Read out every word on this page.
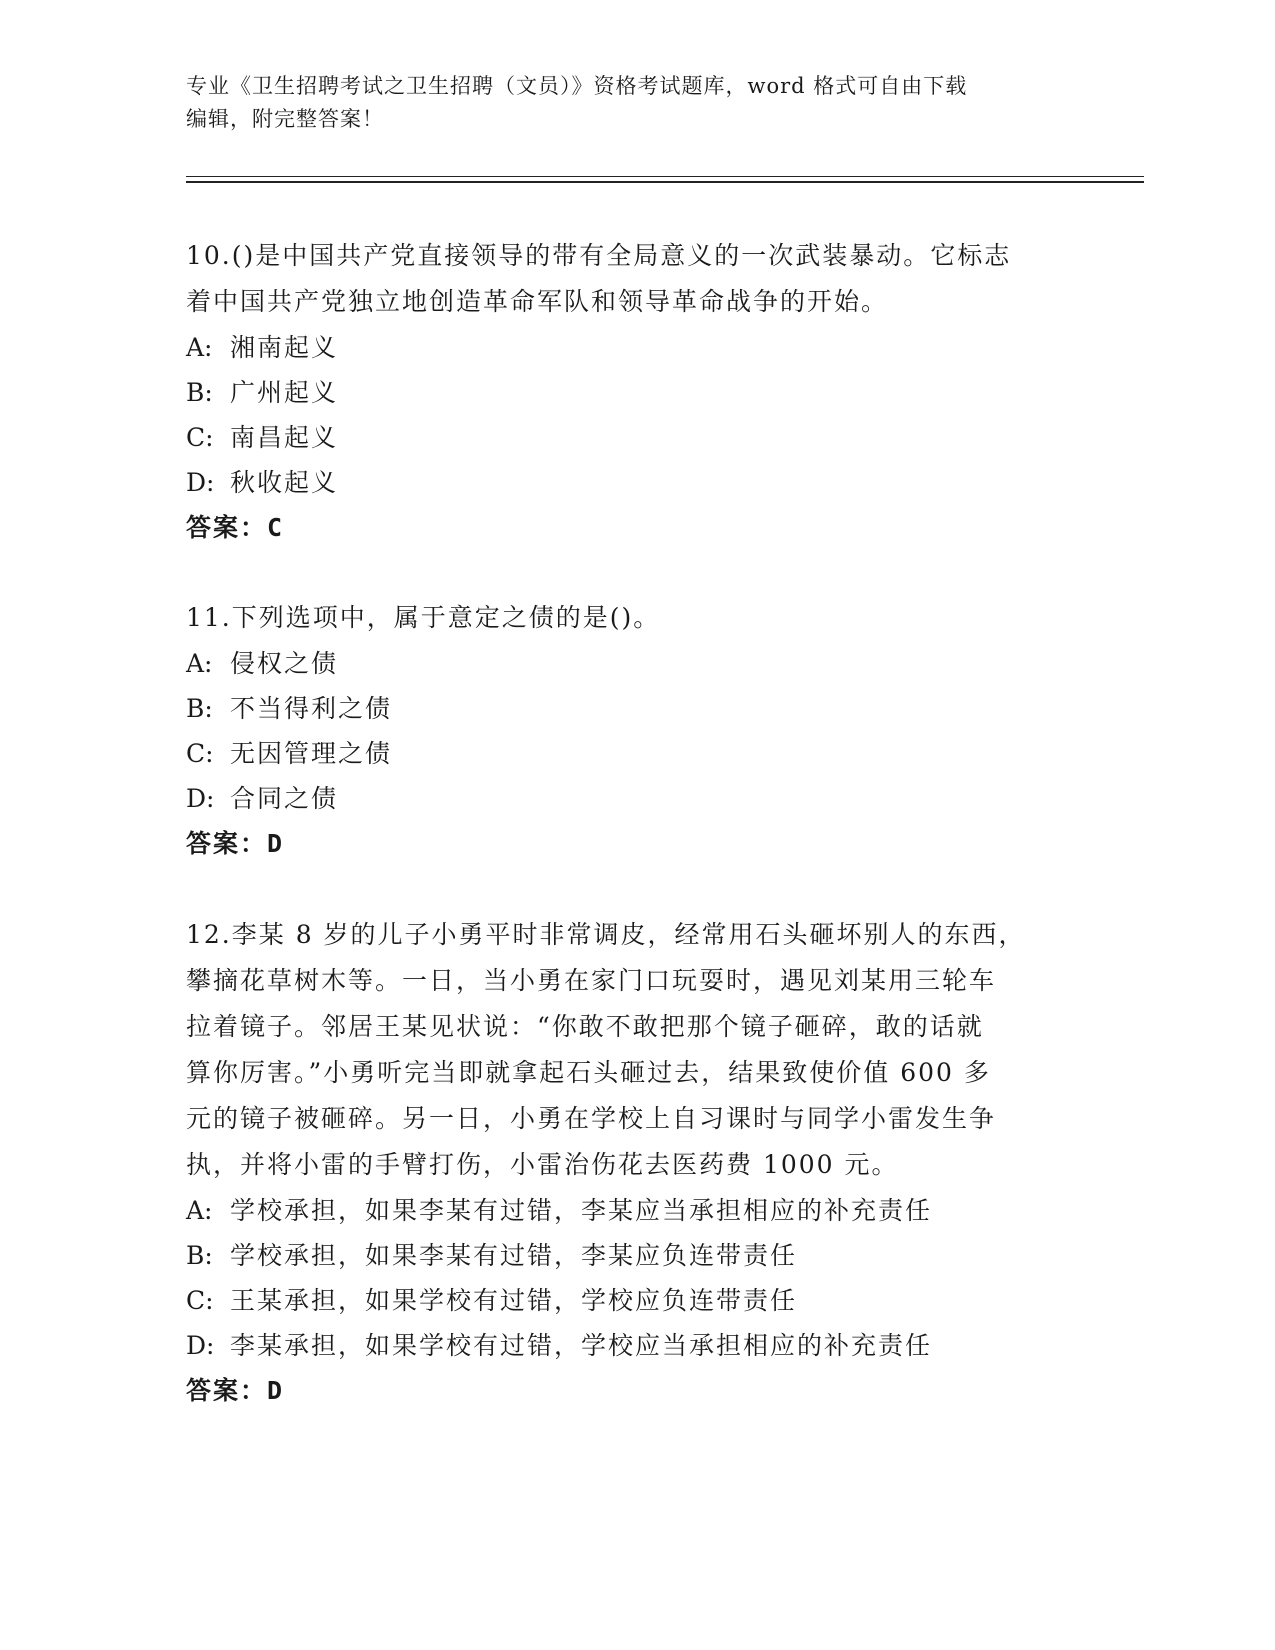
专业《卫生招聘考试之卫生招聘（文员）》资格考试题库，word 格式可自由下载
编辑，附完整答案！
10.()是中国共产党直接领导的带有全局意义的一次武装暴动。它标志
着中国共产党独立地创造革命军队和领导革命战争的开始。
A: 湘南起义
B: 广州起义
C: 南昌起义
D: 秋收起义
答案：C
11.下列选项中，属于意定之债的是()。
A: 侵权之债
B: 不当得利之债
C: 无因管理之债
D: 合同之债
答案：D
12.李某 8 岁的儿子小勇平时非常调皮，经常用石头砸坏别人的东西，
攀摘花草树木等。一日，当小勇在家门口玩耍时，遇见刘某用三轮车
拉着镜子。邻居王某见状说：“你敢不敢把那个镜子砸碎，敢的话就
算你厉害。”小勇听完当即就拿起石头砸过去，结果致使价值 600 多
元的镜子被砸碎。另一日，小勇在学校上自习课时与同学小雷发生争
执，并将小雷的手臂打伤，小雷治伤花去医药费 1000 元。
A: 学校承担，如果李某有过错，李某应当承担相应的补充责任
B: 学校承担，如果李某有过错，李某应负连带责任
C: 王某承担，如果学校有过错，学校应负连带责任
D: 李某承担，如果学校有过错，学校应当承担相应的补充责任
答案：D
